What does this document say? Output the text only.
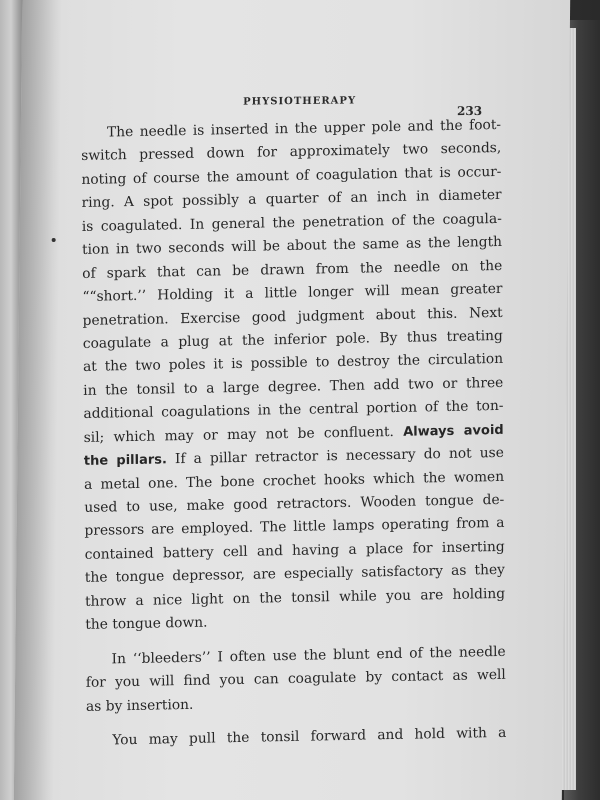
PHYSIOTHERAPY
233
The needle is inserted in the upper pole and the foot-
switch pressed down for approximately two seconds,
noting of course the amount of coagulation that is occur-
ring. A spot possibly a quarter of an inch in diameter
is coagulated. In general the penetration of the coagula-
tion in two seconds will be about the same as the length
of spark that can be drawn from the needle on the
““short.’’ Holding it a little longer will mean greater
penetration. Exercise good judgment about this. Next
coagulate a plug at the inferior pole. By thus treating
at the two poles it is possible to destroy the circulation
in the tonsil to a large degree. Then add two or three
additional coagulations in the central portion of the ton-
sil; which may or may not be confluent. Always avoid
the pillars. If a pillar retractor is necessary do not use
a metal one. The bone crochet hooks which the women
used to use, make good retractors. Wooden tongue de-
pressors are employed. The little lamps operating from a
contained battery cell and having a place for inserting
the tongue depressor, are especially satisfactory as they
throw a nice light on the tonsil while you are holding
the tongue down.
In ‘‘bleeders’’ I often use the blunt end of the needle
for you will find you can coagulate by contact as well
as by insertion.
You may pull the tonsil forward and hold with a
